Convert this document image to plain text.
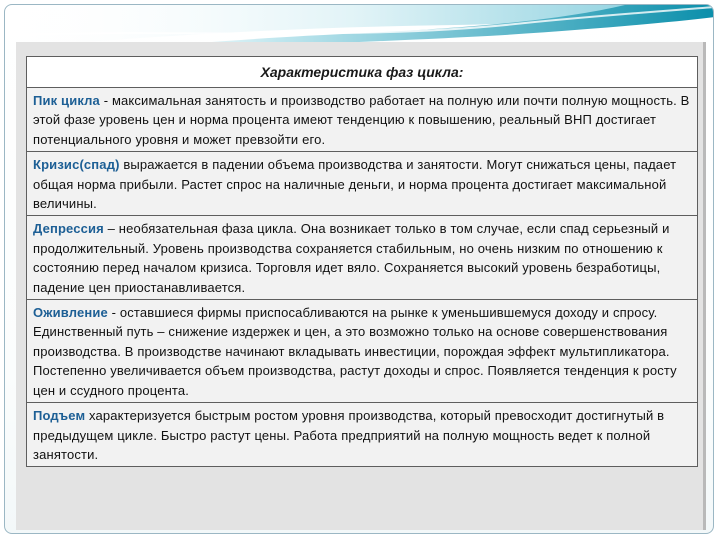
Характеристика фаз цикла:
Пик цикла - максимальная занятость и производство работает на полную или почти полную мощность. В этой фазе уровень цен и норма процента имеют тенденцию к повышению, реальный ВНП достигает потенциального уровня и может превзойти его.
Кризис(спад) выражается в падении объема производства и занятости. Могут снижаться цены, падает общая норма прибыли. Растет спрос на наличные деньги, и норма процента достигает максимальной величины.
Депрессия – необязательная фаза цикла. Она возникает только в том случае, если спад серьезный и продолжительный. Уровень производства сохраняется стабильным, но очень низким по отношению к состоянию перед началом кризиса. Торговля идет вяло. Сохраняется высокий уровень безработицы, падение цен приостанавливается.
Оживление - оставшиеся фирмы приспосабливаются на рынке к уменьшившемуся доходу и спросу. Единственный путь – снижение издержек и цен, а это возможно только на основе совершенствования производства. В производстве начинают вкладывать инвестиции, порождая эффект мультипликатора. Постепенно увеличивается объем производства, растут доходы и спрос. Появляется тенденция к росту цен и ссудного процента.
Подъем характеризуется быстрым ростом уровня производства, который превосходит достигнутый в предыдущем цикле. Быстро растут цены. Работа предприятий на полную мощность ведет к полной занятости.
